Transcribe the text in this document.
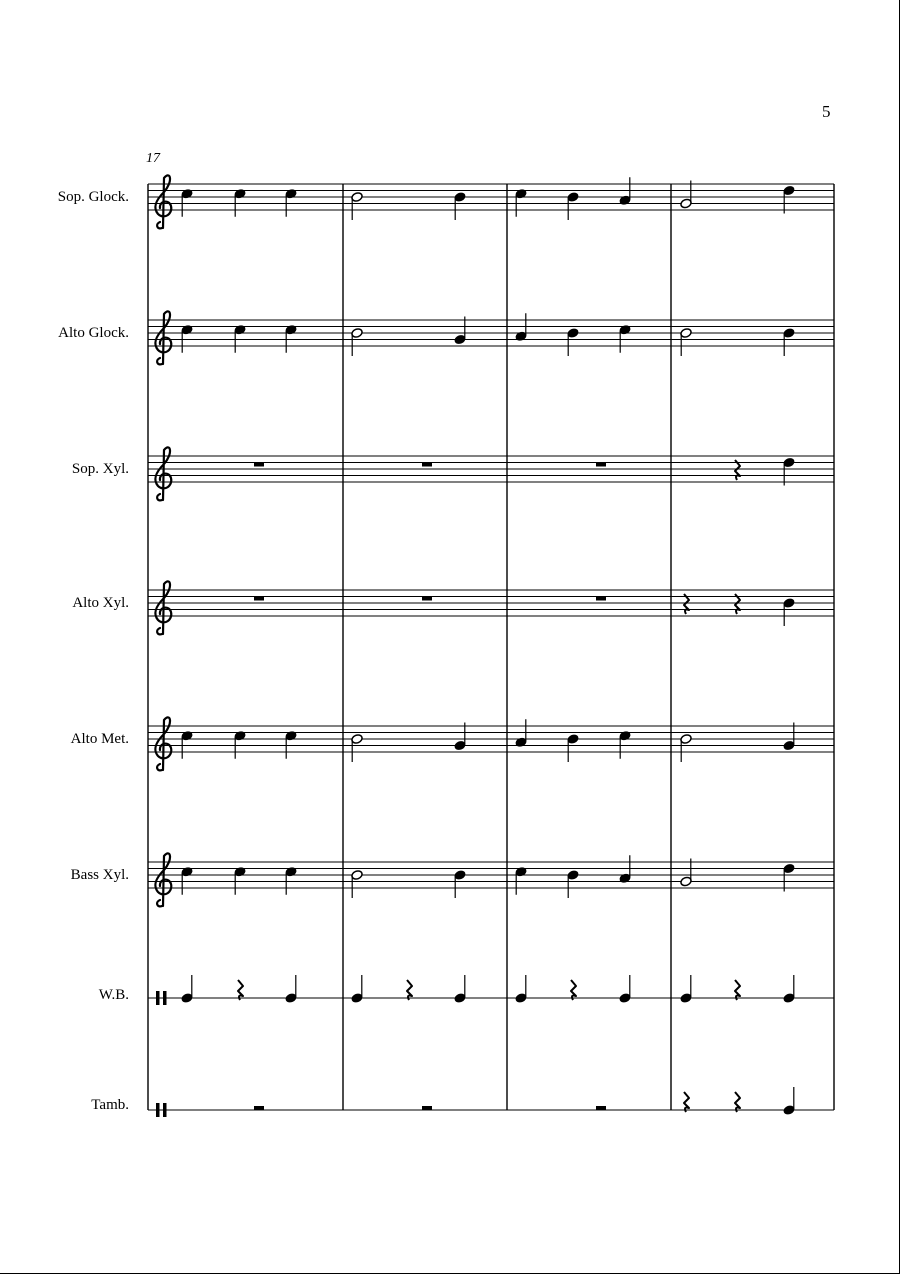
5
17
Sop. Glock.
Alto Glock.
Sop. Xyl.
Alto Xyl.
Alto Met.
Bass Xyl.
W.B.
Tamb.
